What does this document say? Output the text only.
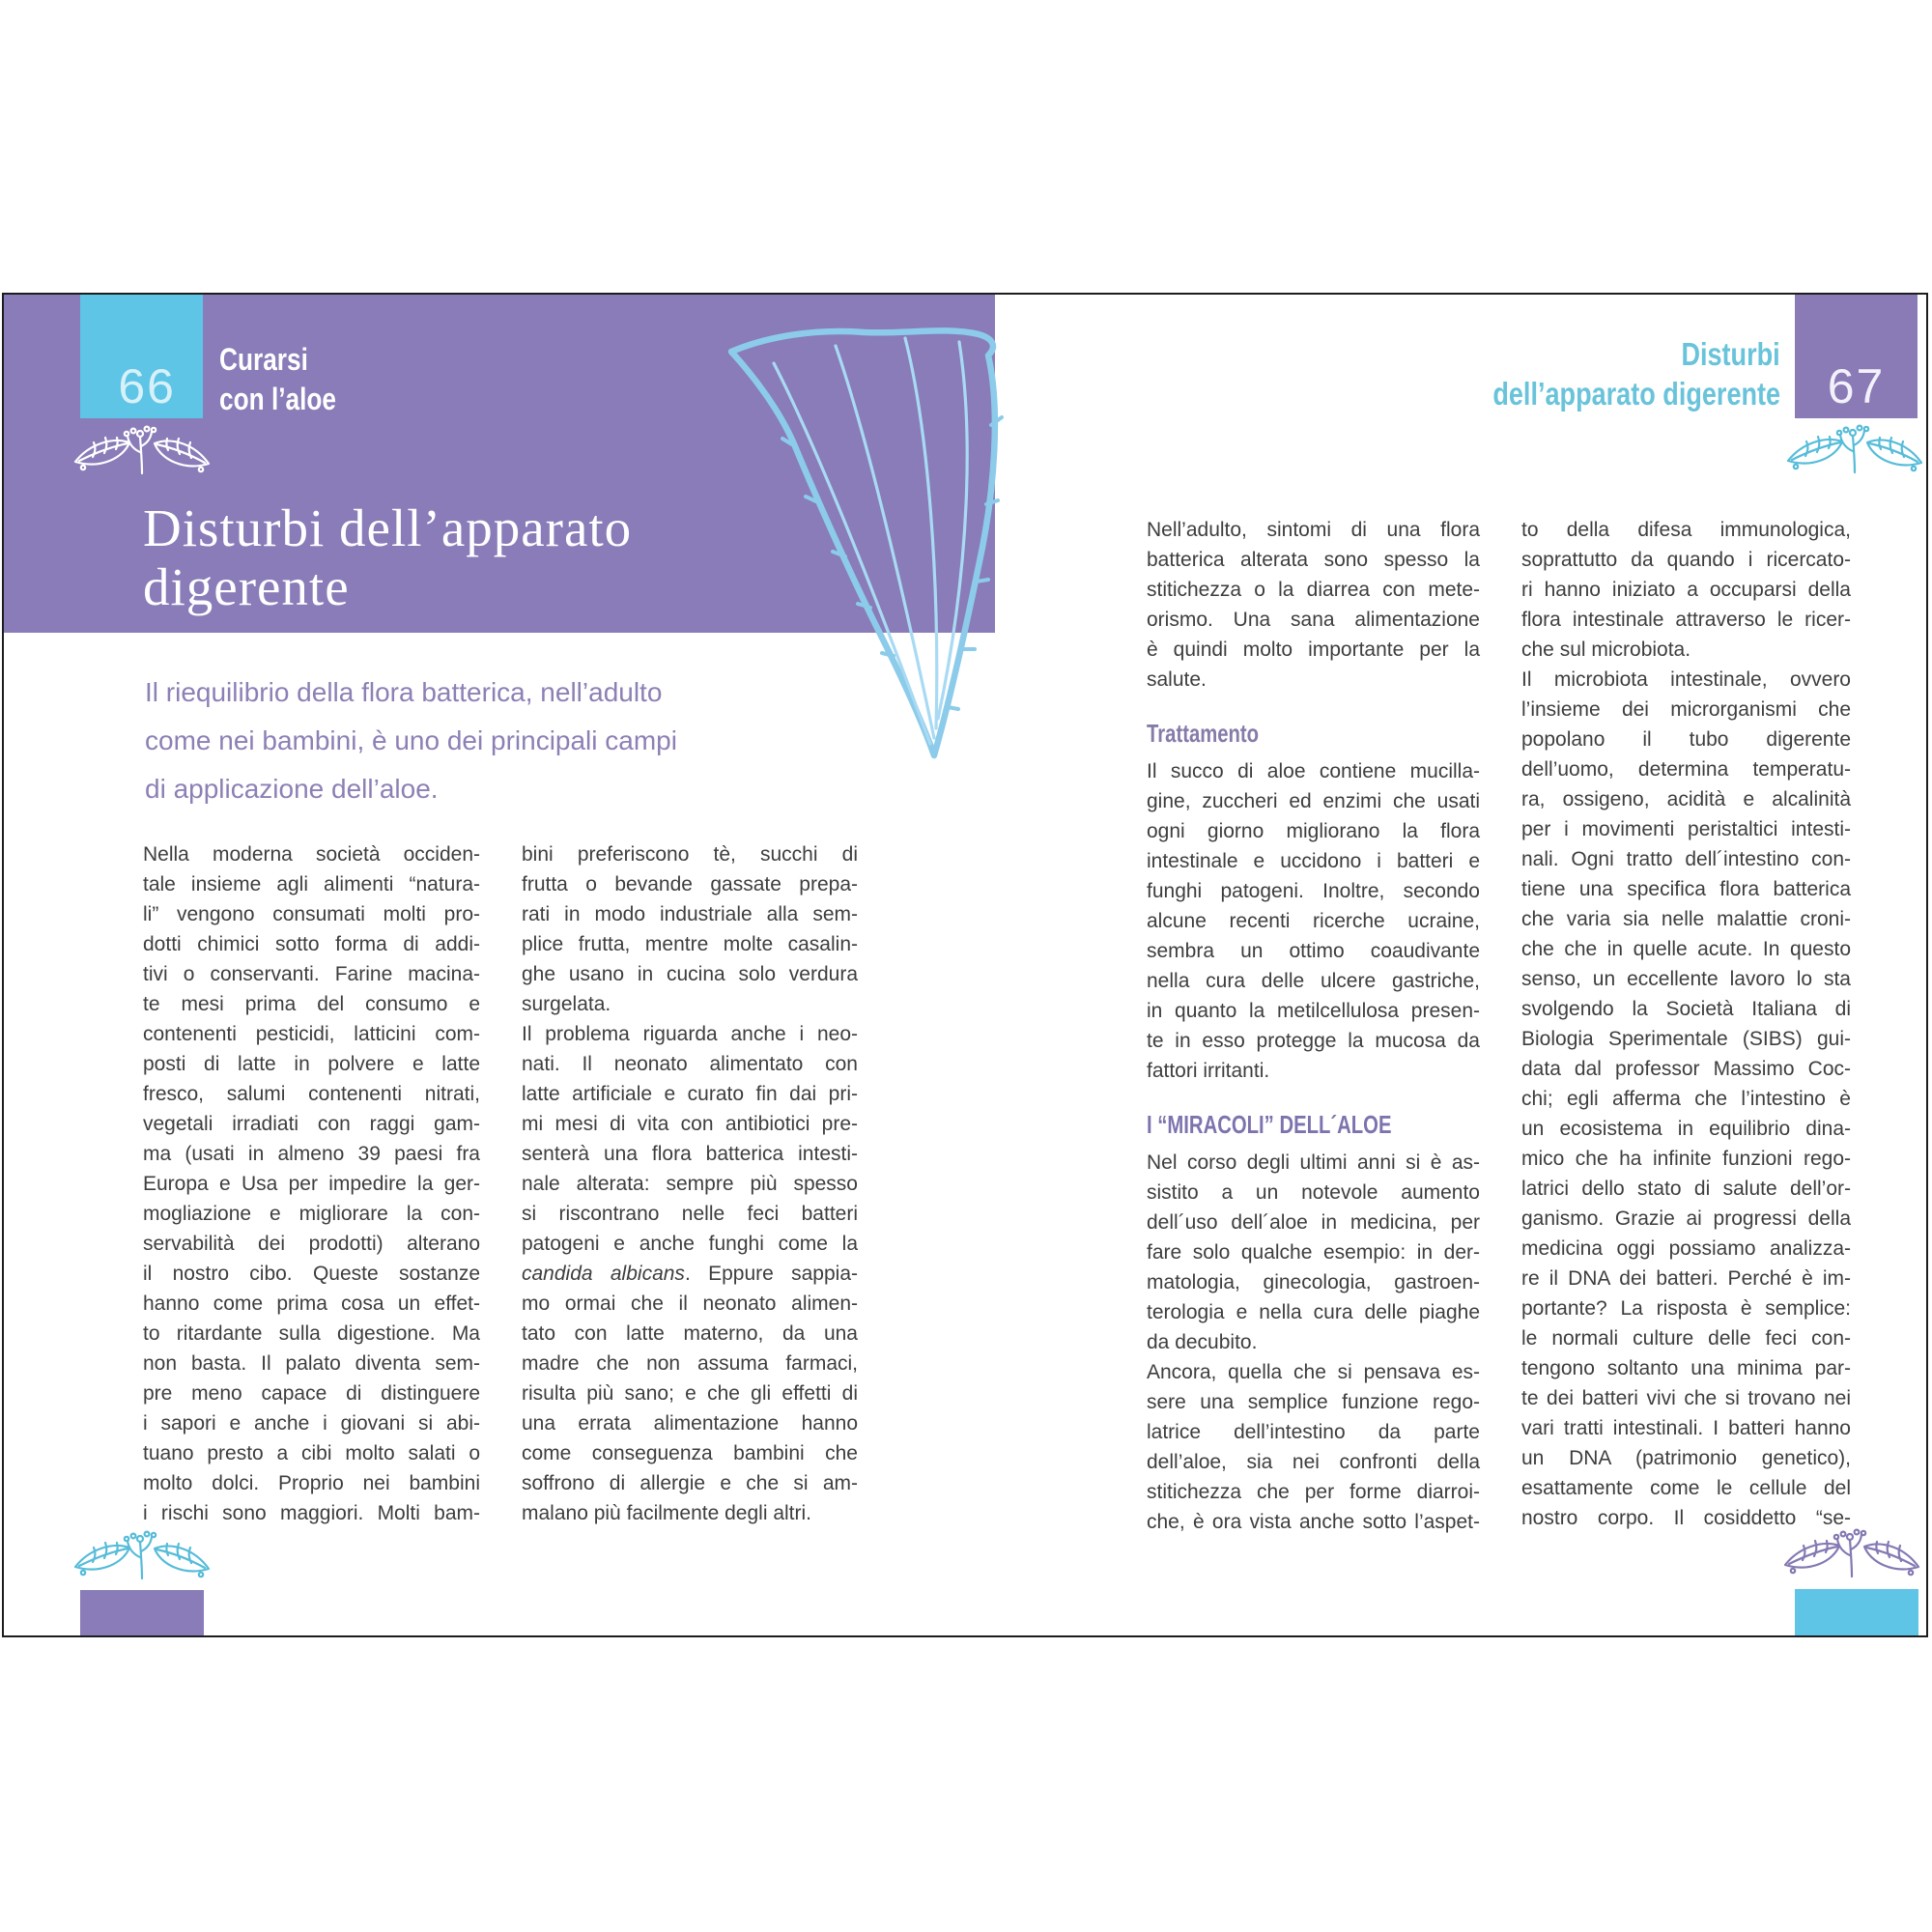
66 Curarsi
con l’aloe
Disturbi dell’apparato
digerente
Il riequilibrio della flora batterica, nell’adulto
come nei bambini, è uno dei principali campi
di applicazione dell’aloe.
Nella moderna società occiden-
tale insieme agli alimenti “natura-
li” vengono consumati molti pro-
dotti chimici sotto forma di addi-
tivi o conservanti. Farine macina-
te mesi prima del consumo e
contenenti pesticidi, latticini com-
posti di latte in polvere e latte
fresco, salumi contenenti nitrati,
vegetali irradiati con raggi gam-
ma (usati in almeno 39 paesi fra
Europa e Usa per impedire la ger-
mogliazione e migliorare la con-
servabilità dei prodotti) alterano
il nostro cibo. Queste sostanze
hanno come prima cosa un effet-
to ritardante sulla digestione. Ma
non basta. Il palato diventa sem-
pre meno capace di distinguere
i sapori e anche i giovani si abi-
tuano presto a cibi molto salati o
molto dolci. Proprio nei bambini
i rischi sono maggiori. Molti bam-
bini preferiscono tè, succhi di
frutta o bevande gassate prepa-
rati in modo industriale alla sem-
plice frutta, mentre molte casalin-
ghe usano in cucina solo verdura
surgelata.
Il problema riguarda anche i neo-
nati. Il neonato alimentato con
latte artificiale e curato fin dai pri-
mi mesi di vita con antibiotici pre-
senterà una flora batterica intesti-
nale alterata: sempre più spesso
si riscontrano nelle feci batteri
patogeni e anche funghi come la
candida albicans. Eppure sappia-
mo ormai che il neonato alimen-
tato con latte materno, da una
madre che non assuma farmaci,
risulta più sano; e che gli effetti di
una errata alimentazione hanno
come conseguenza bambini che
soffrono di allergie e che si am-
malano più facilmente degli altri.
Disturbi
dell’apparato digerente 67
Nell’adulto, sintomi di una flora
batterica alterata sono spesso la
stitichezza o la diarrea con mete-
orismo. Una sana alimentazione
è quindi molto importante per la
salute.
Trattamento
Il succo di aloe contiene mucilla-
gine, zuccheri ed enzimi che usati
ogni giorno migliorano la flora
intestinale e uccidono i batteri e
funghi patogeni. Inoltre, secondo
alcune recenti ricerche ucraine,
sembra un ottimo coaudivante
nella cura delle ulcere gastriche,
in quanto la metilcellulosa presen-
te in esso protegge la mucosa da
fattori irritanti.
I “MIRACOLI” DELL´ALOE
Nel corso degli ultimi anni si è as-
sistito a un notevole aumento
dell´uso dell´aloe in medicina, per
fare solo qualche esempio: in der-
matologia, ginecologia, gastroen-
terologia e nella cura delle piaghe
da decubito.
Ancora, quella che si pensava es-
sere una semplice funzione rego-
latrice dell’intestino da parte
dell’aloe, sia nei confronti della
stitichezza che per forme diarroi-
che, è ora vista anche sotto l’aspet-
to della difesa immunologica,
soprattutto da quando i ricercato-
ri hanno iniziato a occuparsi della
flora intestinale attraverso le ricer-
che sul microbiota.
Il microbiota intestinale, ovvero
l’insieme dei microrganismi che
popolano il tubo digerente
dell’uomo, determina temperatu-
ra, ossigeno, acidità e alcalinità
per i movimenti peristaltici intesti-
nali. Ogni tratto dell´intestino con-
tiene una specifica flora batterica
che varia sia nelle malattie croni-
che che in quelle acute. In questo
senso, un eccellente lavoro lo sta
svolgendo la Società Italiana di
Biologia Sperimentale (SIBS) gui-
data dal professor Massimo Coc-
chi; egli afferma che l’intestino è
un ecosistema in equilibrio dina-
mico che ha infinite funzioni rego-
latrici dello stato di salute dell’or-
ganismo. Grazie ai progressi della
medicina oggi possiamo analizza-
re il DNA dei batteri. Perché è im-
portante? La risposta è semplice:
le normali culture delle feci con-
tengono soltanto una minima par-
te dei batteri vivi che si trovano nei
vari tratti intestinali. I batteri hanno
un DNA (patrimonio genetico),
esattamente come le cellule del
nostro corpo. Il cosiddetto “se-
